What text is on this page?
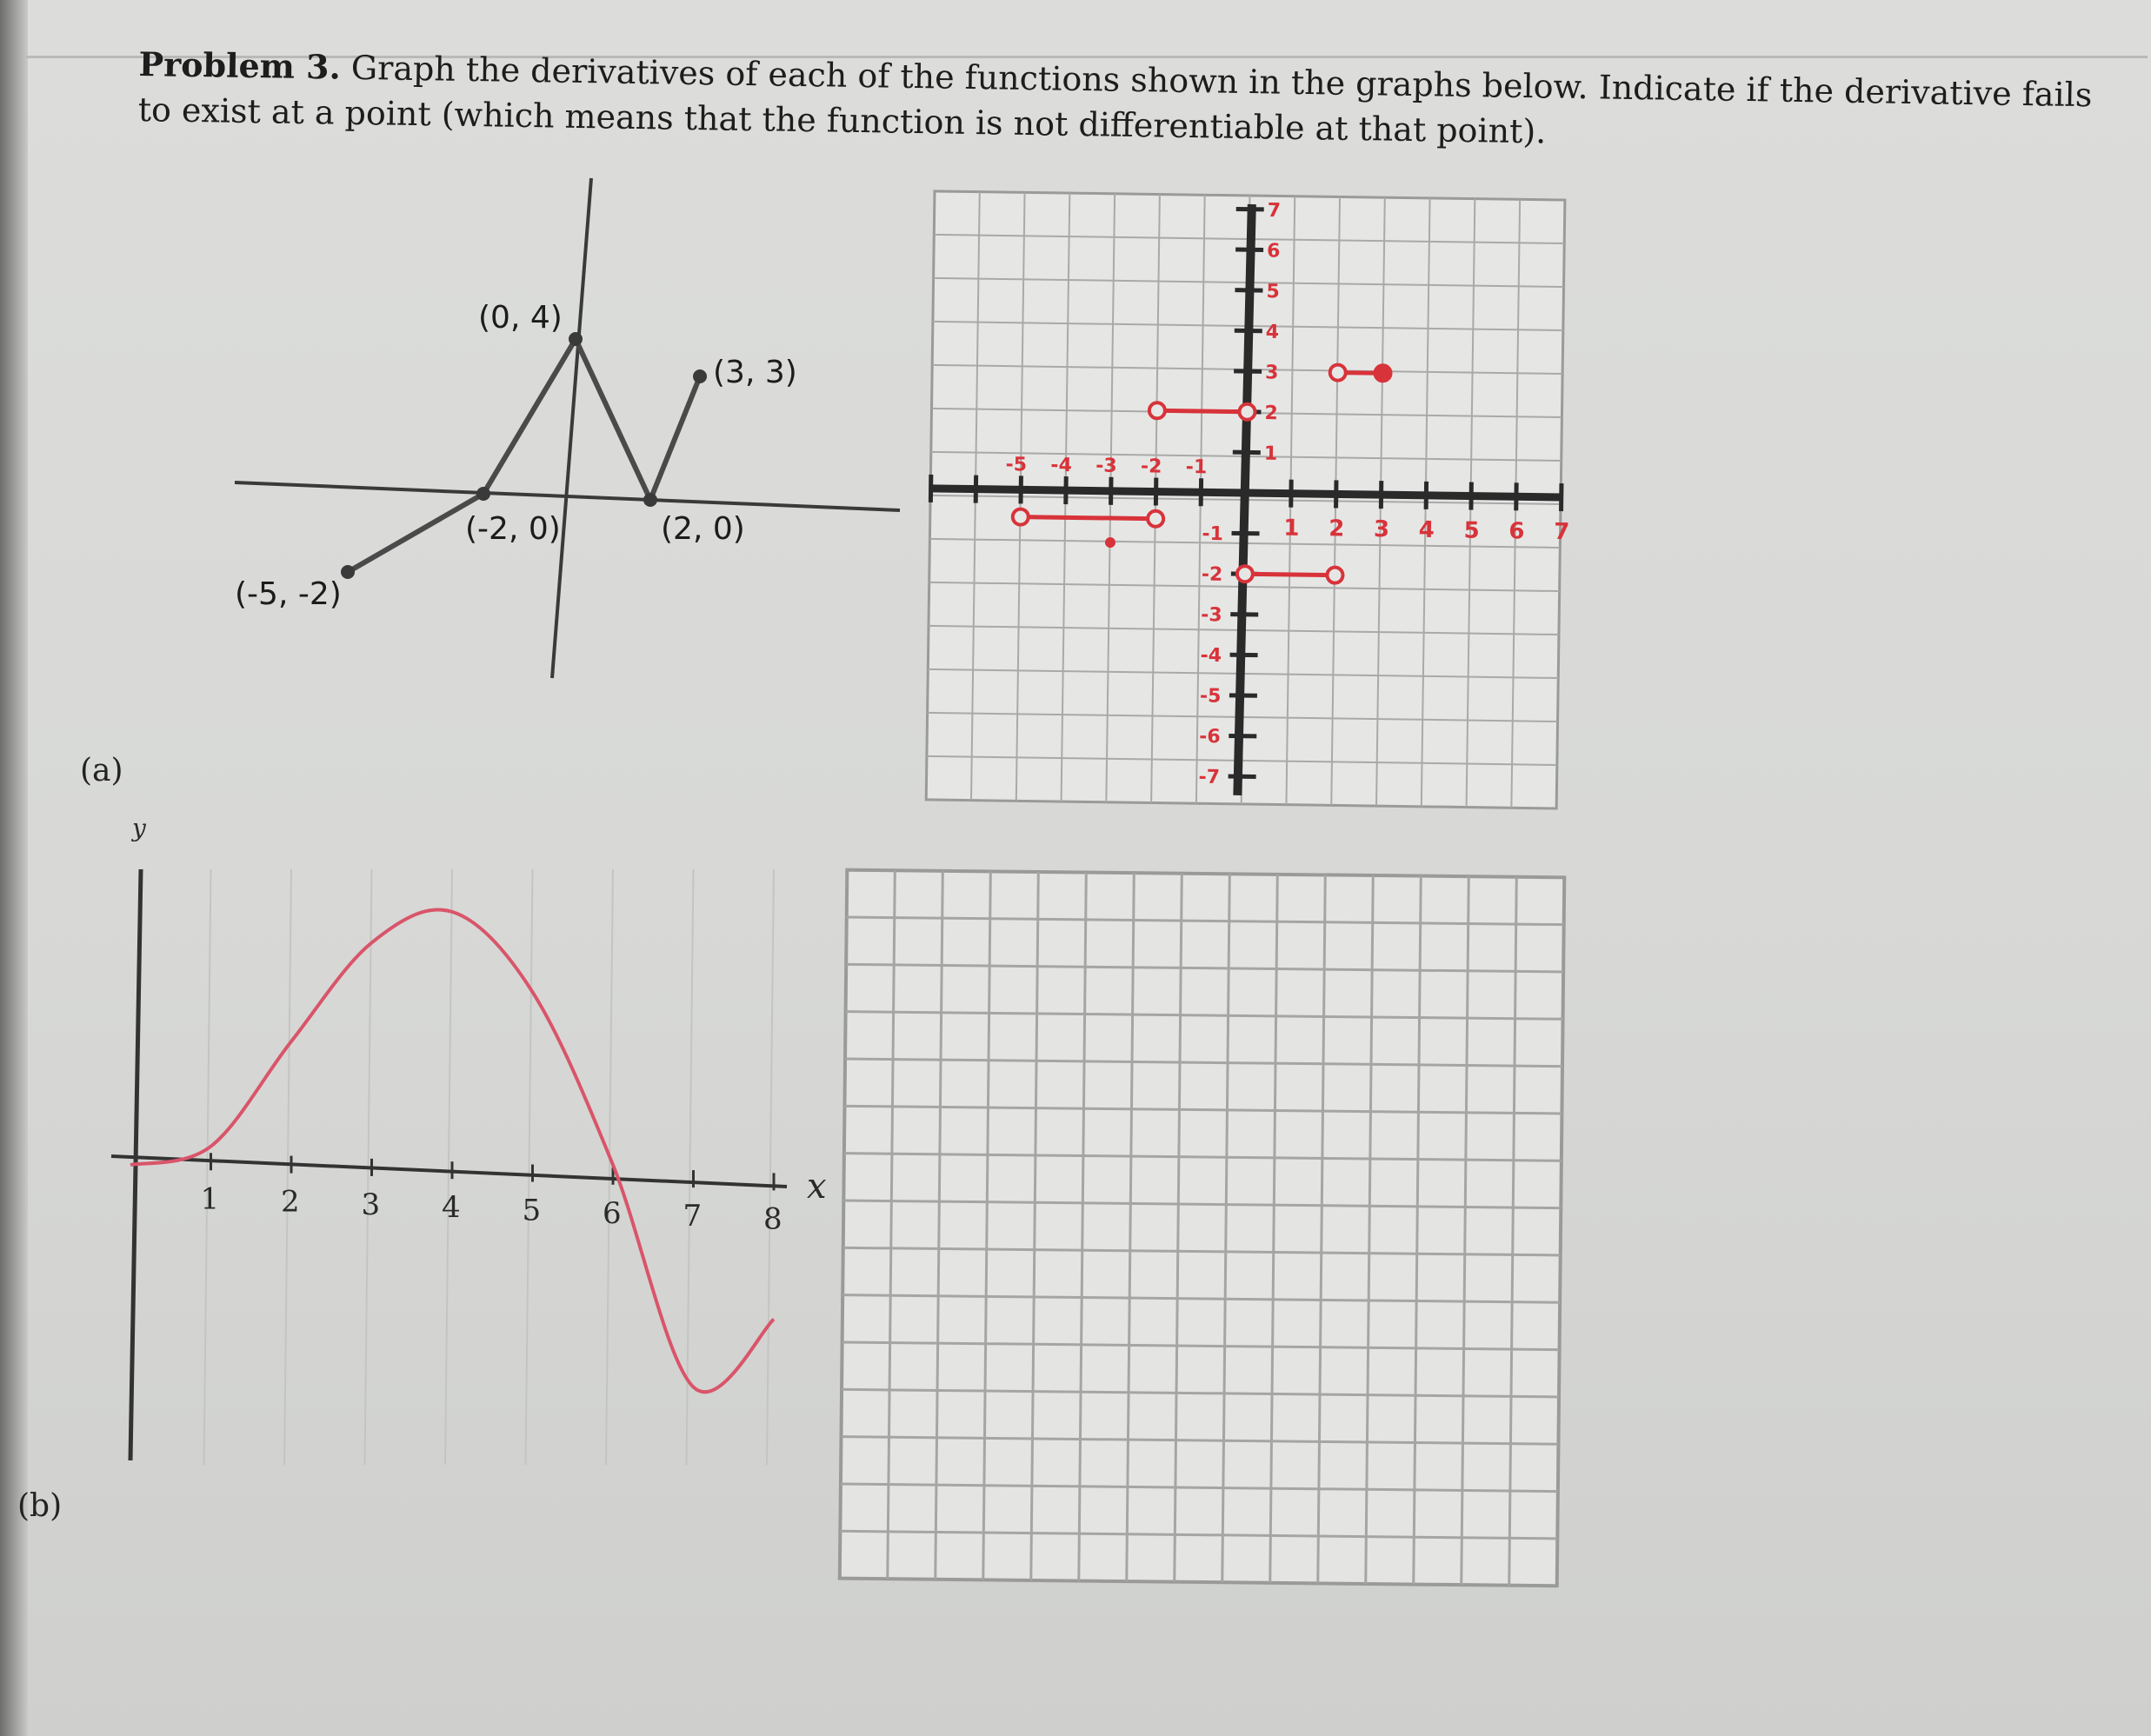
Problem 3. Graph the derivatives of each of the functions shown in the graphs below. Indicate if the derivative fails to exist at a point (which means that the function is not differentiable at that point).
(a)
(b)
(0, 4)
(3, 3)
(-2, 0)	(2, 0)
(-5, -2)
y
x
1 2 3 4 5 6 7 8
-5 -4 -3 -2 -1
1 2 3 4 5 6 7
7
6
5
4
3
2
1
-1
-2
-3
-4
-5
-6
-7
